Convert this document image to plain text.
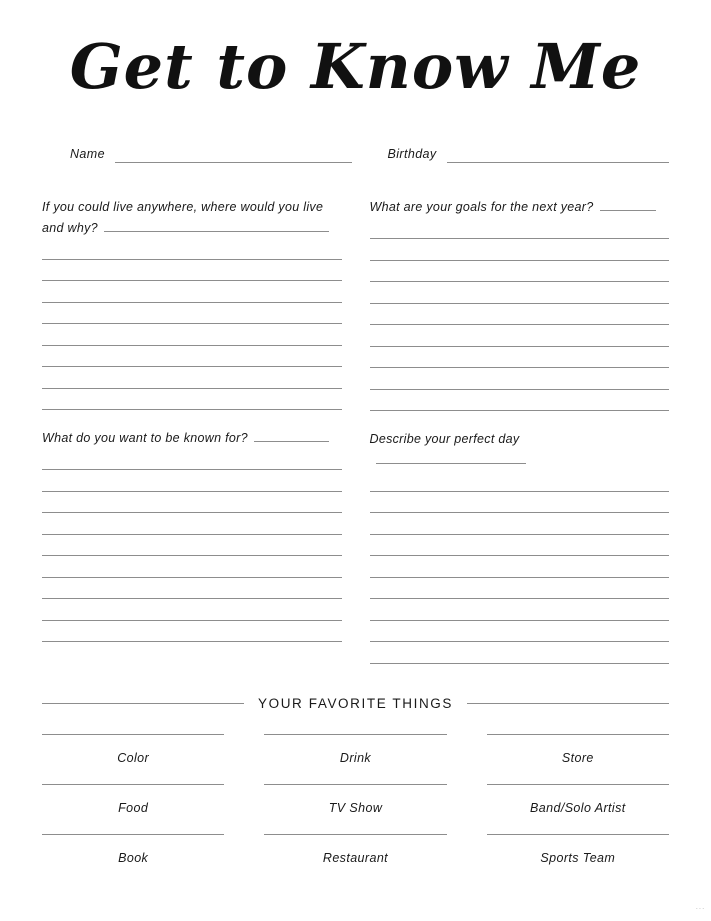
Get to Know Me
Name	Birthday
If you could live anywhere, where would you live and why?
What do you want to be known for?
What are your goals for the next year?
Describe your perfect day
YOUR FAVORITE THINGS
Color	Drink	Store
Food	TV Show	Band/Solo Artist
Book	Restaurant	Sports Team
···
